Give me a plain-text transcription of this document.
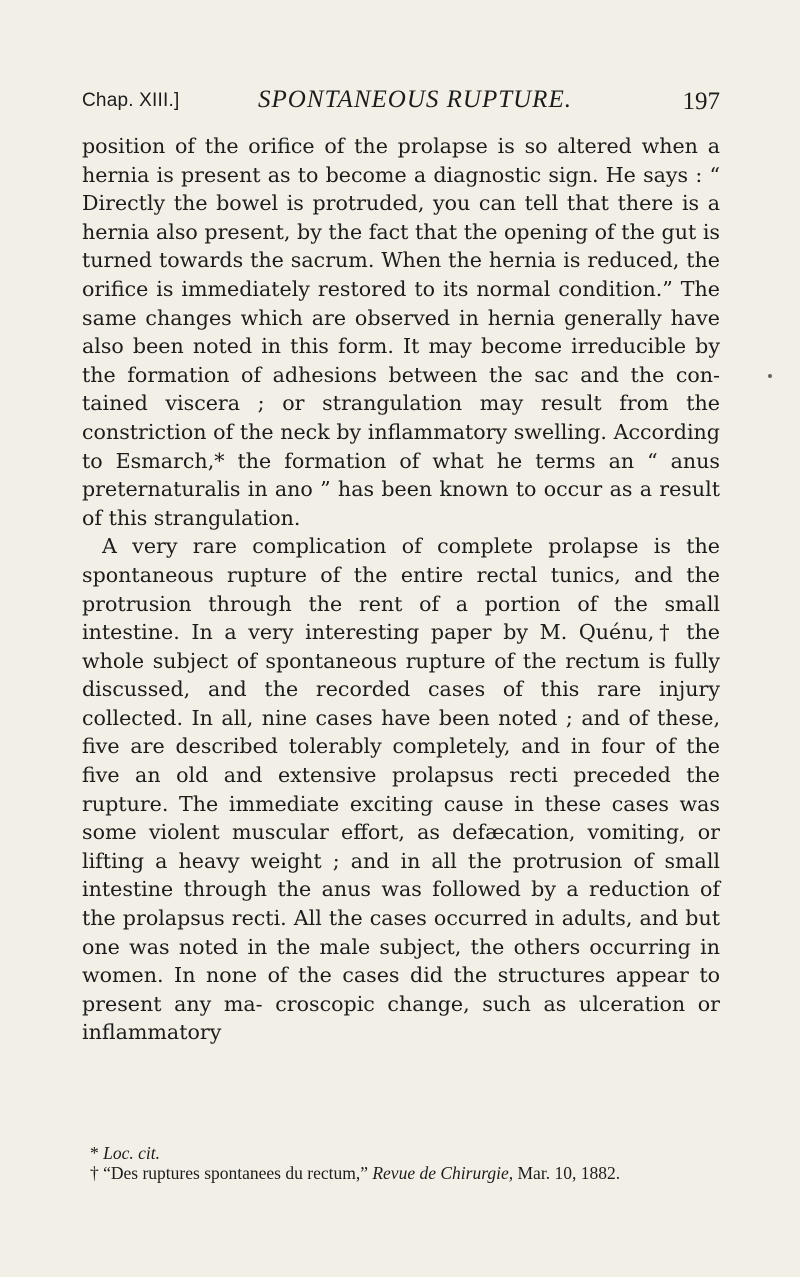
Chap. XIII.]	SPONTANEOUS RUPTURE.	197

position of the orifice of the prolapse is so altered when a hernia is present as to become a diagnostic sign. He says : “ Directly the bowel is protruded, you can tell that there is a hernia also present, by the fact that the opening of the gut is turned towards the sacrum. When the hernia is reduced, the orifice is immediately restored to its normal condition.” The same changes which are observed in hernia generally have also been noted in this form. It may become irreducible by the formation of adhesions between the sac and the con- tained viscera ; or strangulation may result from the constriction of the neck by inflammatory swelling. According to Esmarch,* the formation of what he terms an “ anus preternaturalis in ano ” has been known to occur as a result of this strangulation.

A very rare complication of complete prolapse is the spontaneous rupture of the entire rectal tunics, and the protrusion through the rent of a portion of the small intestine. In a very interesting paper by M. Quénu,† the whole subject of spontaneous rupture of the rectum is fully discussed, and the recorded cases of this rare injury collected. In all, nine cases have been noted ; and of these, five are described tolerably completely, and in four of the five an old and extensive prolapsus recti preceded the rupture. The immediate exciting cause in these cases was some violent muscular effort, as defæcation, vomiting, or lifting a heavy weight ; and in all the protrusion of small intestine through the anus was followed by a reduction of the prolapsus recti. All the cases occurred in adults, and but one was noted in the male subject, the others occurring in women. In none of the cases did the structures appear to present any ma- croscopic change, such as ulceration or inflammatory

* Loc. cit.

† “Des ruptures spontanees du rectum,” Revue de Chirurgie, Mar. 10, 1882.
